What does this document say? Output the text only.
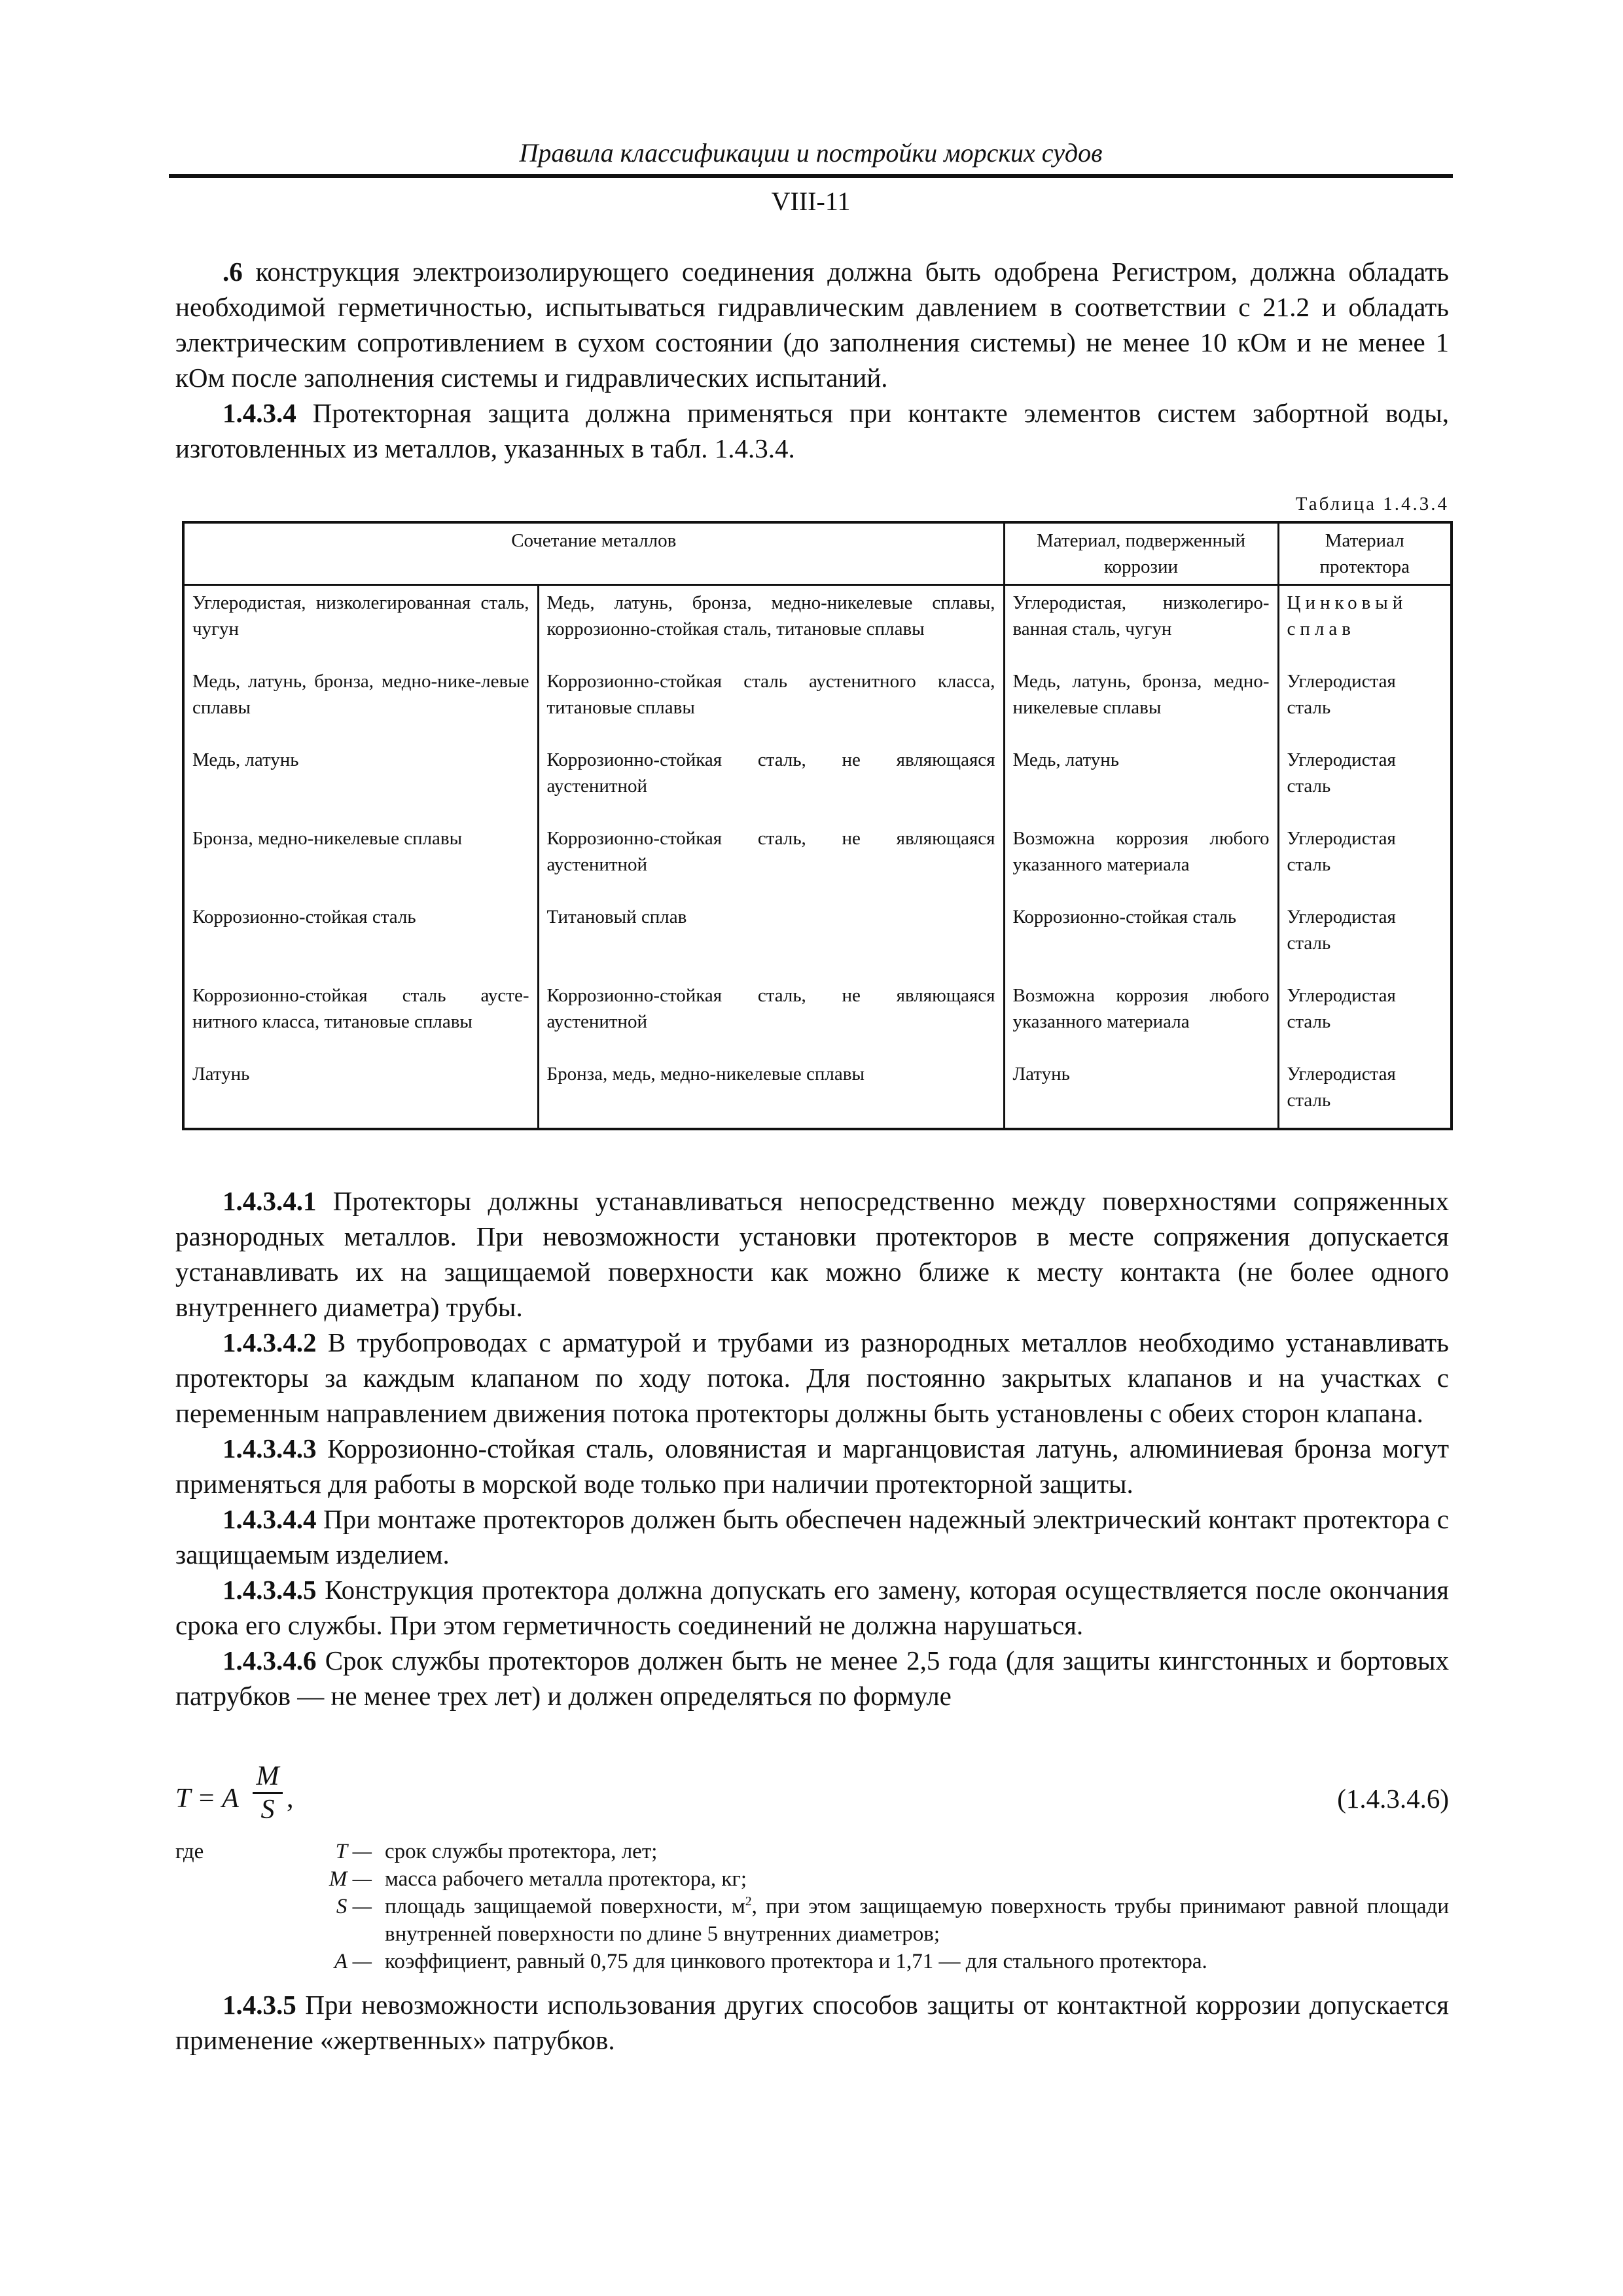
Правила классификации и постройки морских судов
VIII-11

.6 конструкция электроизолирующего соединения должна быть одобрена Регистром, должна обладать необходимой герметичностью, испытываться гидравлическим давлением в соответствии с 21.2 и обладать электрическим сопротивлением в сухом состоянии (до заполнения системы) не менее 10 кОм и не менее 1 кОм после заполнения системы и гидравлических испытаний.

1.4.3.4 Протекторная защита должна применяться при контакте элементов систем забортной воды, изготовленных из металлов, указанных в табл. 1.4.3.4.

Таблица 1.4.3.4
Сочетание металлов		Материал, подверженный коррозии	Материал протектора
Углеродистая, низколегированная сталь, чугун	Медь, латунь, бронза, медно-никелевые сплавы, коррозионно-стойкая сталь, титановые сплавы	Углеродистая, низколегиро-ванная сталь, чугун	Цинковый сплав
Медь, латунь, бронза, медно-нике-левые сплавы	Коррозионно-стойкая сталь аустенитного класса, титановые сплавы	Медь, латунь, бронза, медно-никелевые сплавы	Углеродистая сталь
Медь, латунь	Коррозионно-стойкая сталь, не являющаяся аустенитной	Медь, латунь	Углеродистая сталь
Бронза, медно-никелевые сплавы	Коррозионно-стойкая сталь, не являющаяся аустенитной	Возможна коррозия любого указанного материала	Углеродистая сталь
Коррозионно-стойкая сталь	Титановый сплав	Коррозионно-стойкая сталь	Углеродистая сталь
Коррозионно-стойкая сталь аусте-нитного класса, титановые сплавы	Коррозионно-стойкая сталь, не являющаяся аустенитной	Возможна коррозия любого указанного материала	Углеродистая сталь
Латунь	Бронза, медь, медно-никелевые сплавы	Латунь	Углеродистая сталь

1.4.3.4.1 Протекторы должны устанавливаться непосредственно между поверхностями сопряженных разнородных металлов. При невозможности установки протекторов в месте сопряжения допускается устанавливать их на защищаемой поверхности как можно ближе к месту контакта (не более одного внутреннего диаметра) трубы.

1.4.3.4.2 В трубопроводах с арматурой и трубами из разнородных металлов необходимо устанавливать протекторы за каждым клапаном по ходу потока. Для постоянно закрытых клапанов и на участках с переменным направлением движения потока протекторы должны быть установлены с обеих сторон клапана.

1.4.3.4.3 Коррозионно-стойкая сталь, оловянистая и марганцовистая латунь, алюминиевая бронза могут применяться для работы в морской воде только при наличии протекторной защиты.

1.4.3.4.4 При монтаже протекторов должен быть обеспечен надежный электрический контакт протектора с защищаемым изделием.

1.4.3.4.5 Конструкция протектора должна допускать его замену, которая осуществляется после окончания срока его службы. При этом герметичность соединений не должна нарушаться.

1.4.3.4.6 Срок службы протекторов должен быть не менее 2,5 года (для защиты кингстонных и бортовых патрубков — не менее трех лет) и должен определяться по формуле

T = A $\frac{M}{S}$ ,	(1.4.3.4.6)
где	T — срок службы протектора, лет;
M — масса рабочего металла протектора, кг;
S — площадь защищаемой поверхности, $м^2$, при этом защищаемую поверхность трубы принимают равной площади внутренней поверхности по длине 5 внутренних диаметров;
A — коэффициент, равный 0,75 для цинкового протектора и 1,71 — для стального протектора.

1.4.3.5 При невозможности использования других способов защиты от контактной коррозии допускается применение «жертвенных» патрубков.
